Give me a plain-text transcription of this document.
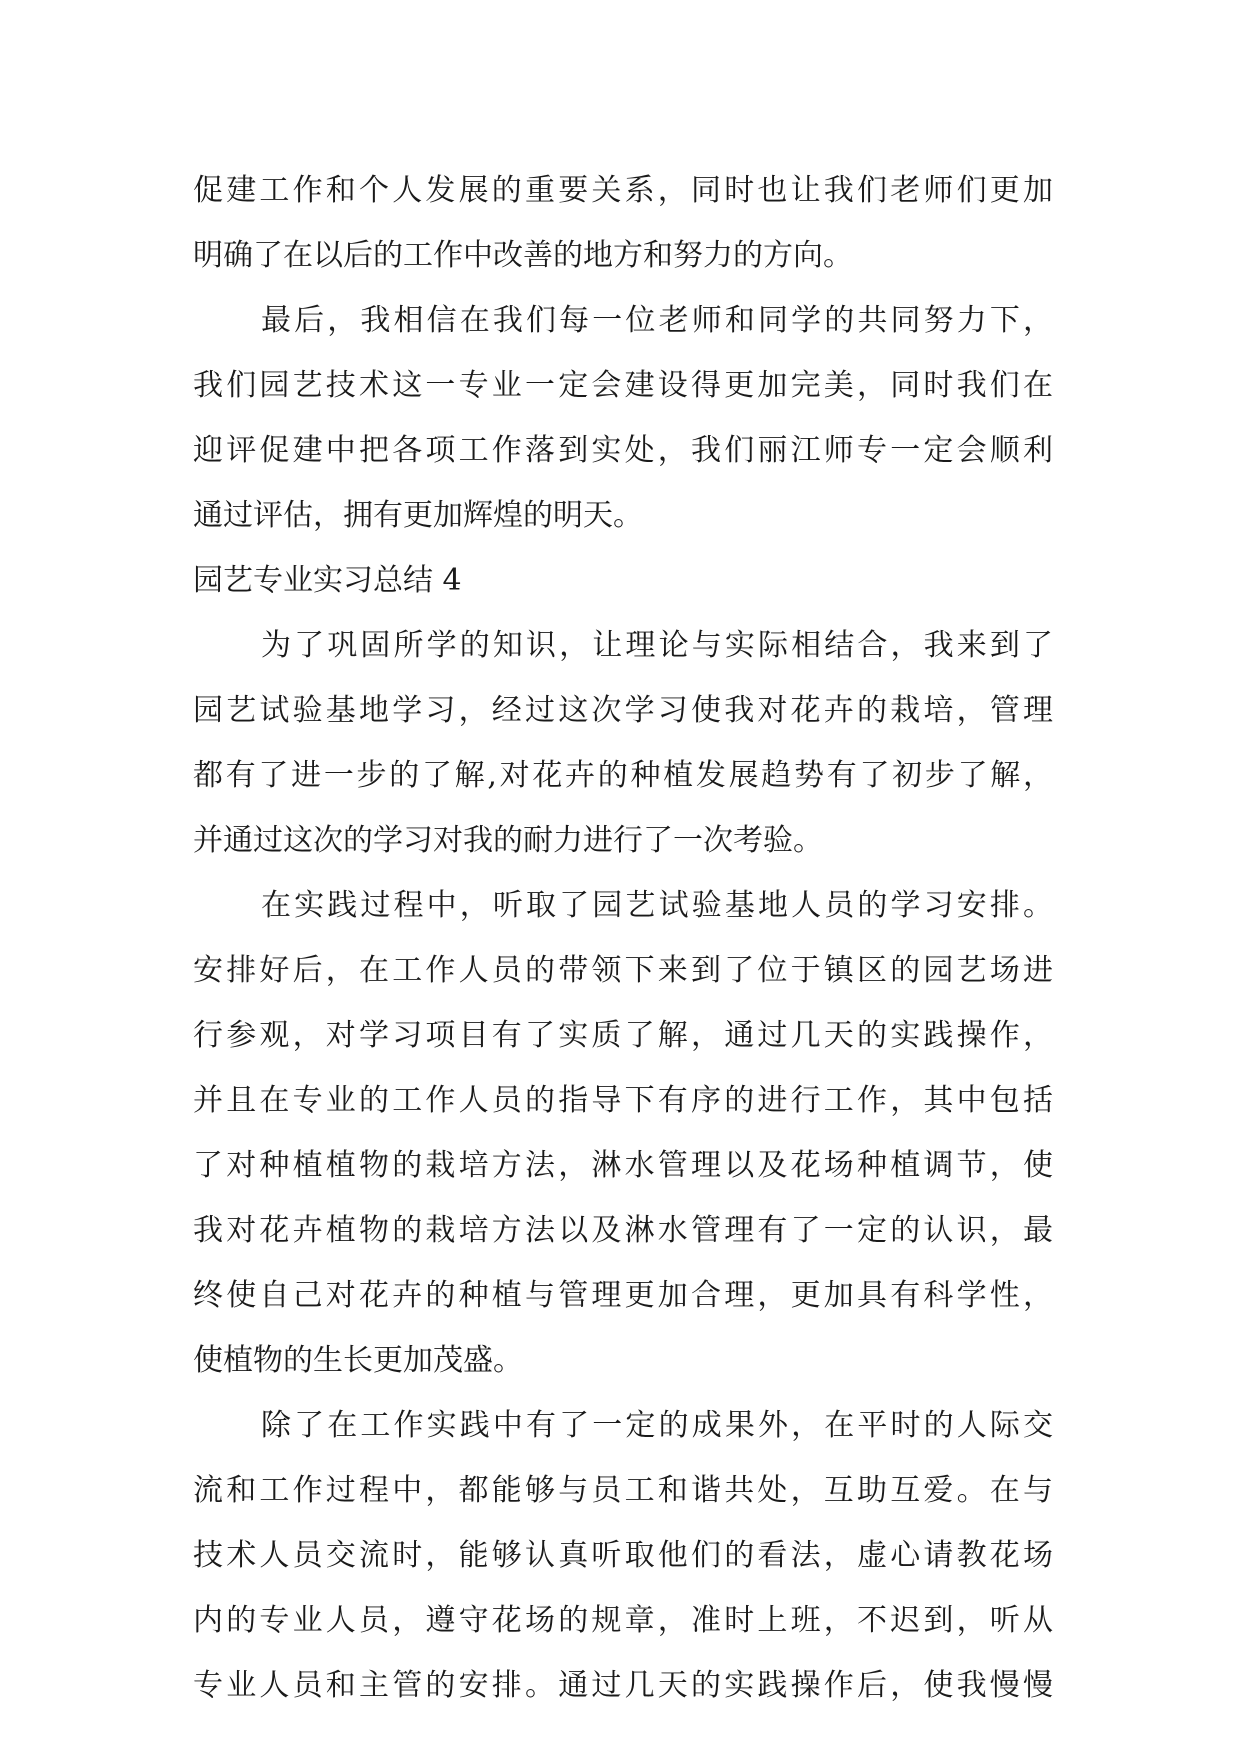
促建工作和个人发展的重要关系，同时也让我们老师们更加
明确了在以后的工作中改善的地方和努力的方向。
最后，我相信在我们每一位老师和同学的共同努力下，
我们园艺技术这一专业一定会建设得更加完美，同时我们在
迎评促建中把各项工作落到实处，我们丽江师专一定会顺利
通过评估，拥有更加辉煌的明天。
园艺专业实习总结 4
为了巩固所学的知识，让理论与实际相结合，我来到了
园艺试验基地学习，经过这次学习使我对花卉的栽培，管理
都有了进一步的了解,对花卉的种植发展趋势有了初步了解，
并通过这次的学习对我的耐力进行了一次考验。
在实践过程中，听取了园艺试验基地人员的学习安排。
安排好后，在工作人员的带领下来到了位于镇区的园艺场进
行参观，对学习项目有了实质了解，通过几天的实践操作，
并且在专业的工作人员的指导下有序的进行工作，其中包括
了对种植植物的栽培方法，淋水管理以及花场种植调节，使
我对花卉植物的栽培方法以及淋水管理有了一定的认识，最
终使自己对花卉的种植与管理更加合理，更加具有科学性，
使植物的生长更加茂盛。
除了在工作实践中有了一定的成果外，在平时的人际交
流和工作过程中，都能够与员工和谐共处，互助互爱。在与
技术人员交流时，能够认真听取他们的看法，虚心请教花场
内的专业人员，遵守花场的规章，准时上班，不迟到，听从
专业人员和主管的安排。通过几天的实践操作后，使我慢慢
